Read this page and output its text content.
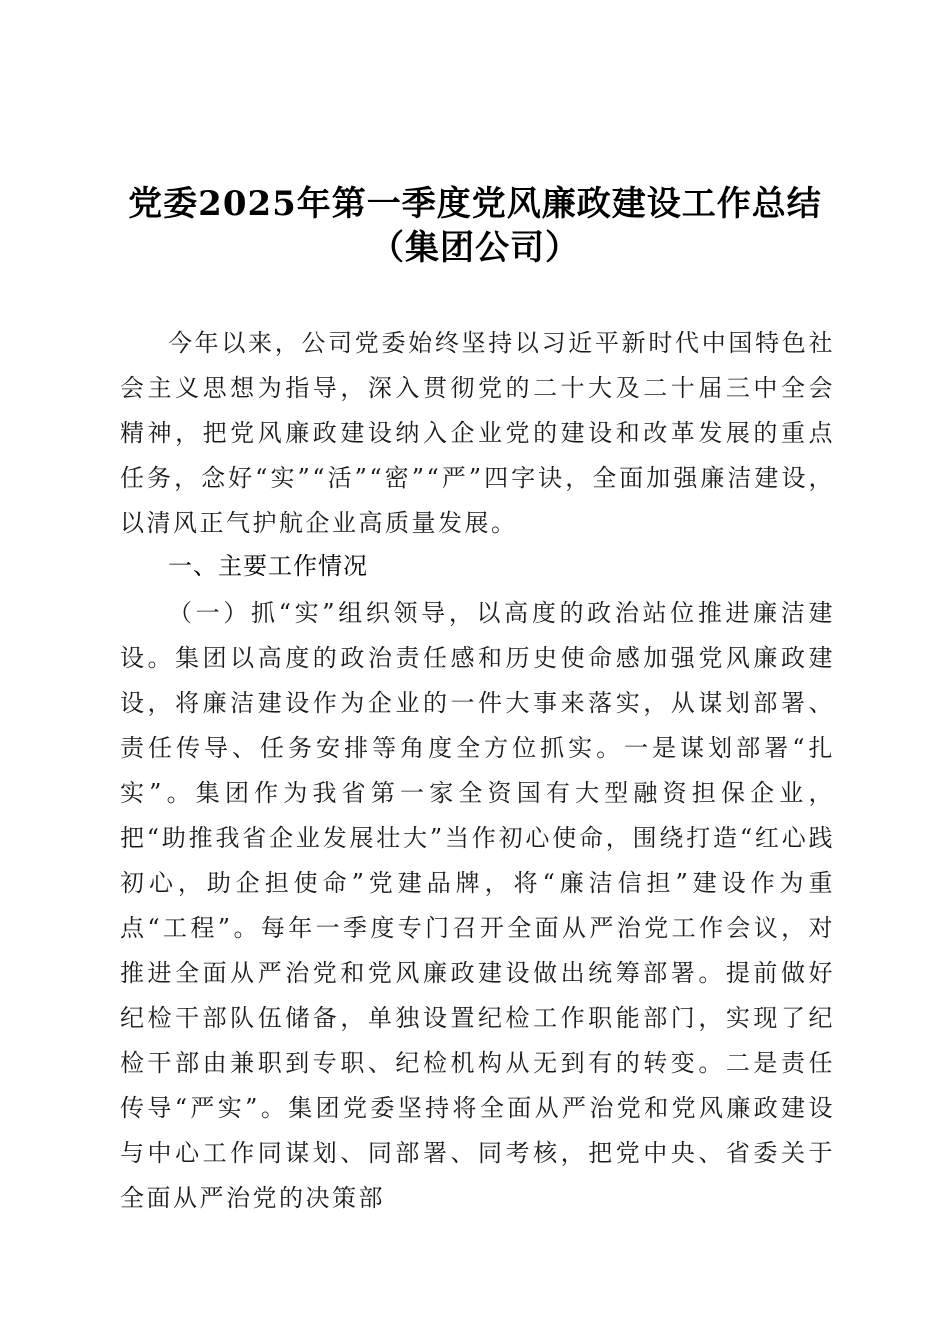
党委2025年第一季度党风廉政建设工作总结
（集团公司）

今年以来，公司党委始终坚持以习近平新时代中国特色社会主义思想为指导，深入贯彻党的二十大及二十届三中全会精神，把党风廉政建设纳入企业党的建设和改革发展的重点任务，念好“实”“活”“密”“严”四字诀，全面加强廉洁建设，以清风正气护航企业高质量发展。

一、主要工作情况

（一）抓“实”组织领导，以高度的政治站位推进廉洁建设。集团以高度的政治责任感和历史使命感加强党风廉政建设，将廉洁建设作为企业的一件大事来落实，从谋划部署、责任传导、任务安排等角度全方位抓实。一是谋划部署“扎实”。集团作为我省第一家全资国有大型融资担保企业，把“助推我省企业发展壮大”当作初心使命，围绕打造“红心践初心，助企担使命”党建品牌，将“廉洁信担”建设作为重点“工程”。每年一季度专门召开全面从严治党工作会议，对推进全面从严治党和党风廉政建设做出统筹部署。提前做好纪检干部队伍储备，单独设置纪检工作职能部门，实现了纪检干部由兼职到专职、纪检机构从无到有的转变。二是责任传导“严实”。集团党委坚持将全面从严治党和党风廉政建设与中心工作同谋划、同部署、同考核，把党中央、省委关于全面从严治党的决策部
